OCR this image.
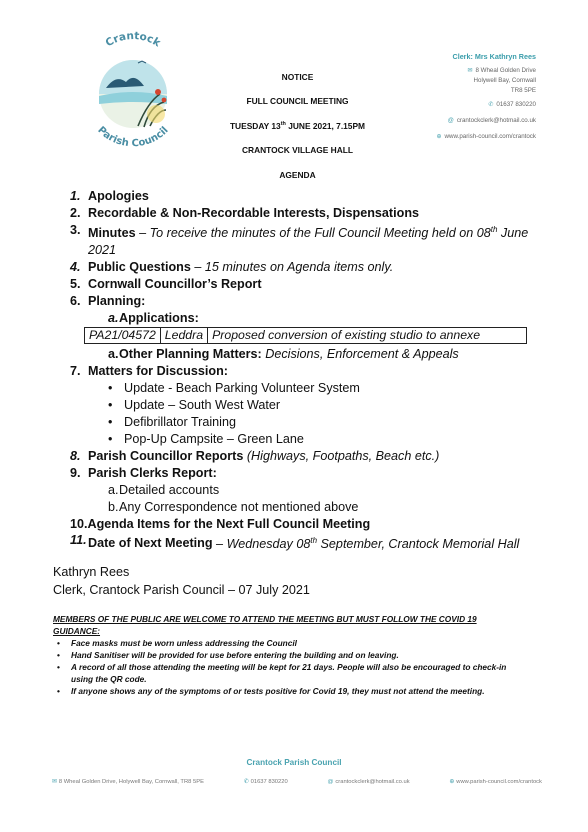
Crantock
Parish Council
NOTICE
FULL COUNCIL MEETING
TUESDAY 13th JUNE 2021, 7.15PM
CRANTOCK VILLAGE HALL
AGENDA
Clerk: Mrs Kathryn Rees
✉ 8 Wheal Golden Drive
Holywell Bay, Cornwall
TR8 5PE
✆ 01637 830220
@ crantockclerk@hotmail.co.uk
⊕ www.parish-council.com/crantock
1. Apologies
2. Recordable & Non-Recordable Interests, Dispensations
3. Minutes – To receive the minutes of the Full Council Meeting held on 08th June
2021
4. Public Questions – 15 minutes on Agenda items only.
5. Cornwall Councillor’s Report
6. Planning:
a. Applications:
PA21/04572	Leddra	Proposed conversion of existing studio to annexe
a. Other Planning Matters: Decisions, Enforcement & Appeals
7. Matters for Discussion:
• Update - Beach Parking Volunteer System
• Update – South West Water
• Defibrillator Training
• Pop-Up Campsite – Green Lane
8. Parish Councillor Reports (Highways, Footpaths, Beach etc.)
9. Parish Clerks Report:
a. Detailed accounts
b. Any Correspondence not mentioned above
10.Agenda Items for the Next Full Council Meeting
11. Date of Next Meeting – Wednesday 08th September, Crantock Memorial Hall
Kathryn Rees
Clerk, Crantock Parish Council – 07 July 2021
MEMBERS OF THE PUBLIC ARE WELCOME TO ATTEND THE MEETING BUT MUST FOLLOW THE COVID 19 GUIDANCE:
• Face masks must be worn unless addressing the Council
• Hand Sanitiser will be provided for use before entering the building and on leaving.
• A record of all those attending the meeting will be kept for 21 days. People will also be encouraged to check-in using the QR code.
• If anyone shows any of the symptoms of or tests positive for Covid 19, they must not attend the meeting.
Crantock Parish Council
✉ 8 Wheal Golden Drive, Holywell Bay, Cornwall, TR8 5PE	✆ 01637 830220	@ crantockclerk@hotmail.co.uk	⊕ www.parish-council.com/crantock
